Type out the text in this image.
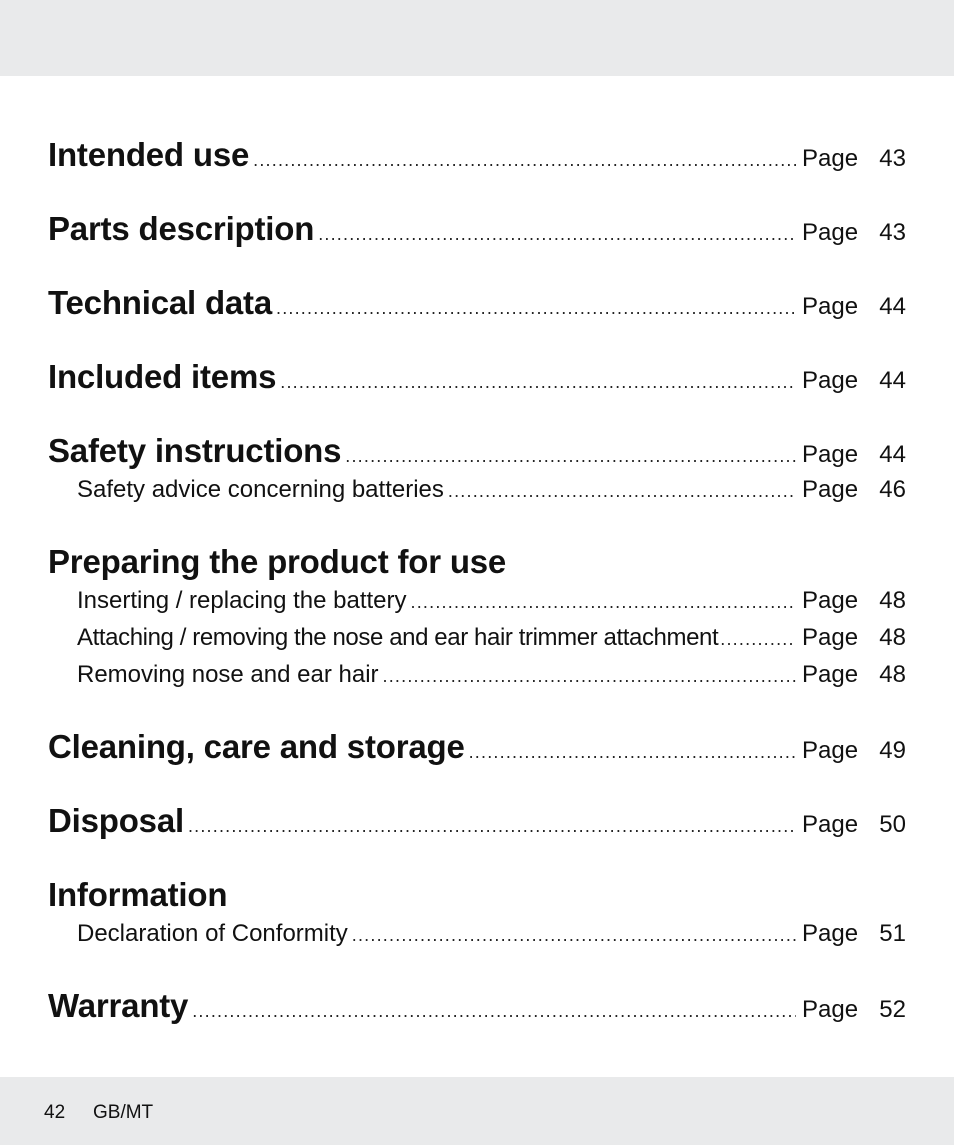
Intended use .....	Page 43
Parts description .....	Page 43
Technical data .....	Page 44
Included items .....	Page 44
Safety instructions .....	Page 44
Safety advice concerning batteries .....	Page 46
Preparing the product for use
Inserting / replacing the battery .....	Page 48
Attaching / removing the nose and ear hair trimmer attachment .....	Page 48
Removing nose and ear hair .....	Page 48
Cleaning, care and storage .....	Page 49
Disposal .....	Page 50
Information
Declaration of Conformity .....	Page 51
Warranty .....	Page 52
42 GB/MT
